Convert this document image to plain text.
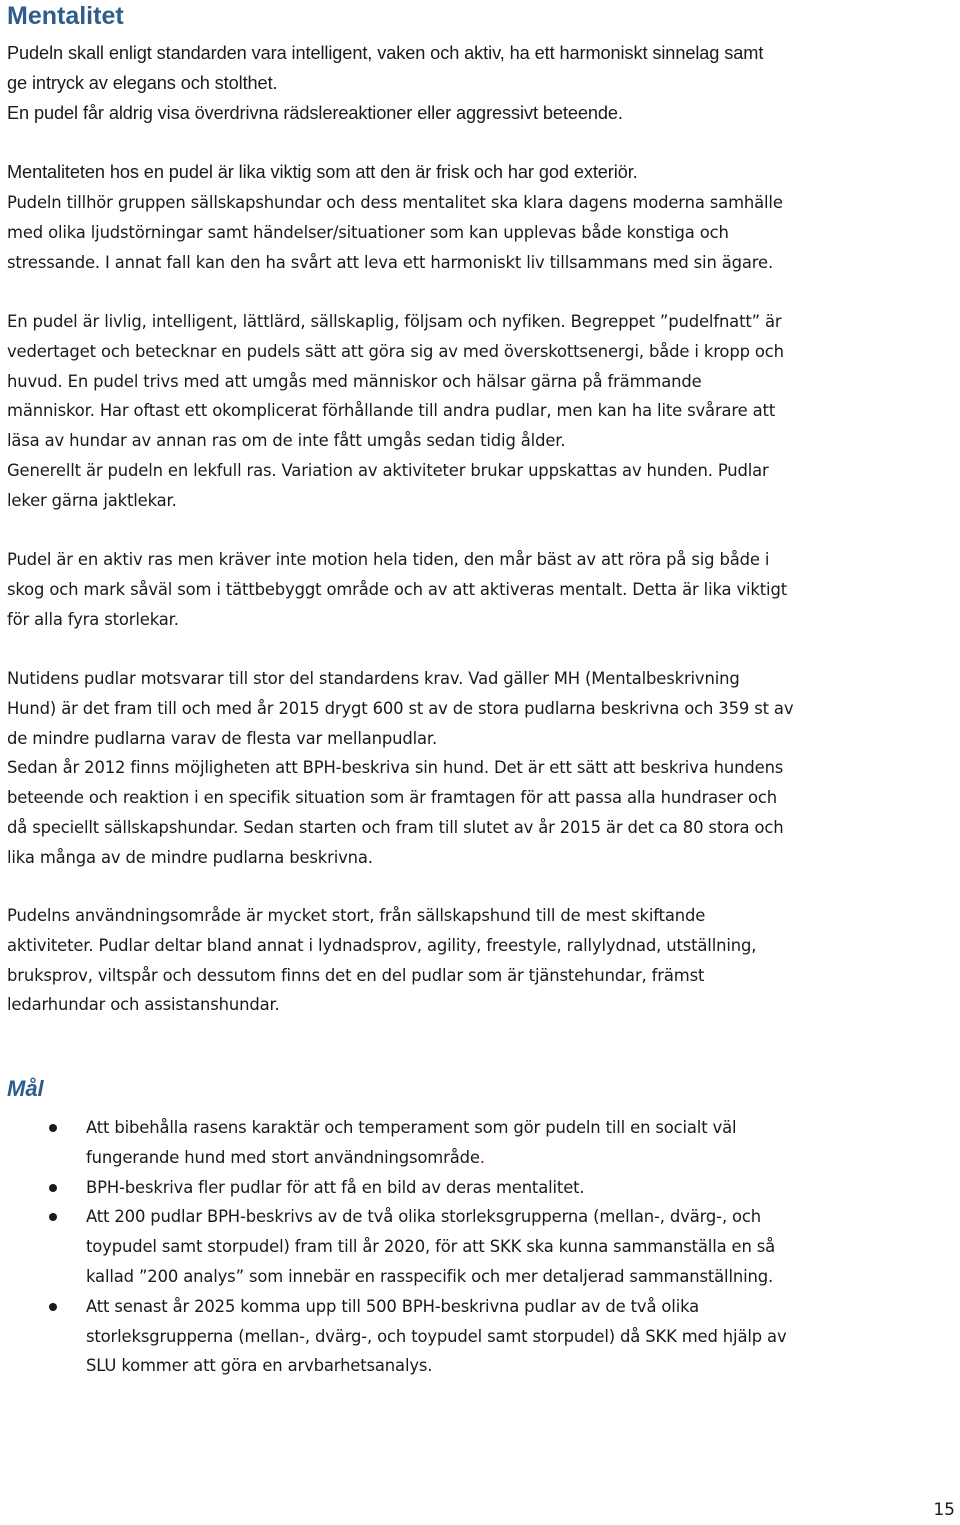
Mentalitet

Pudeln skall enligt standarden vara intelligent, vaken och aktiv, ha ett harmoniskt sinnelag samt
ge intryck av elegans och stolthet.
En pudel får aldrig visa överdrivna rädslereaktioner eller aggressivt beteende.

Mentaliteten hos en pudel är lika viktig som att den är frisk och har god exteriör.

Pudeln tillhör gruppen sällskapshundar och dess mentalitet ska klara dagens moderna samhälle
med olika ljudstörningar samt händelser/situationer som kan upplevas både konstiga och
stressande. I annat fall kan den ha svårt att leva ett harmoniskt liv tillsammans med sin ägare.

En pudel är livlig, intelligent, lättlärd, sällskaplig, följsam och nyfiken. Begreppet ”pudelfnatt” är
vedertaget och betecknar en pudels sätt att göra sig av med överskottsenergi, både i kropp och
huvud. En pudel trivs med att umgås med människor och hälsar gärna på främmande
människor. Har oftast ett okomplicerat förhållande till andra pudlar, men kan ha lite svårare att
läsa av hundar av annan ras om de inte fått umgås sedan tidig ålder.
Generellt är pudeln en lekfull ras. Variation av aktiviteter brukar uppskattas av hunden. Pudlar
leker gärna jaktlekar.

Pudel är en aktiv ras men kräver inte motion hela tiden, den mår bäst av att röra på sig både i
skog och mark såväl som i tättbebyggt område och av att aktiveras mentalt. Detta är lika viktigt
för alla fyra storlekar.

Nutidens pudlar motsvarar till stor del standardens krav. Vad gäller MH (Mentalbeskrivning
Hund) är det fram till och med år 2015 drygt 600 st av de stora pudlarna beskrivna och 359 st av
de mindre pudlarna varav de flesta var mellanpudlar.
Sedan år 2012 finns möjligheten att BPH-beskriva sin hund. Det är ett sätt att beskriva hundens
beteende och reaktion i en specifik situation som är framtagen för att passa alla hundraser och
då speciellt sällskapshundar. Sedan starten och fram till slutet av år 2015 är det ca 80 stora och
lika många av de mindre pudlarna beskrivna.

Pudelns användningsområde är mycket stort, från sällskapshund till de mest skiftande
aktiviteter. Pudlar deltar bland annat i lydnadsprov, agility, freestyle, rallylydnad, utställning,
bruksprov, viltspår och dessutom finns det en del pudlar som är tjänstehundar, främst
ledarhundar och assistanshundar.

Mål
Att bibehålla rasens karaktär och temperament som gör pudeln till en socialt väl
fungerande hund med stort användningsområde.
BPH-beskriva fler pudlar för att få en bild av deras mentalitet.
Att 200 pudlar BPH-beskrivs av de två olika storleksgrupperna (mellan-, dvärg-, och
toypudel samt storpudel) fram till år 2020, för att SKK ska kunna sammanställa en så
kallad ”200 analys” som innebär en rasspecifik och mer detaljerad sammanställning.
Att senast år 2025 komma upp till 500 BPH-beskrivna pudlar av de två olika
storleksgrupperna (mellan-, dvärg-, och toypudel samt storpudel) då SKK med hjälp av
SLU kommer att göra en arvbarhetsanalys.
15
